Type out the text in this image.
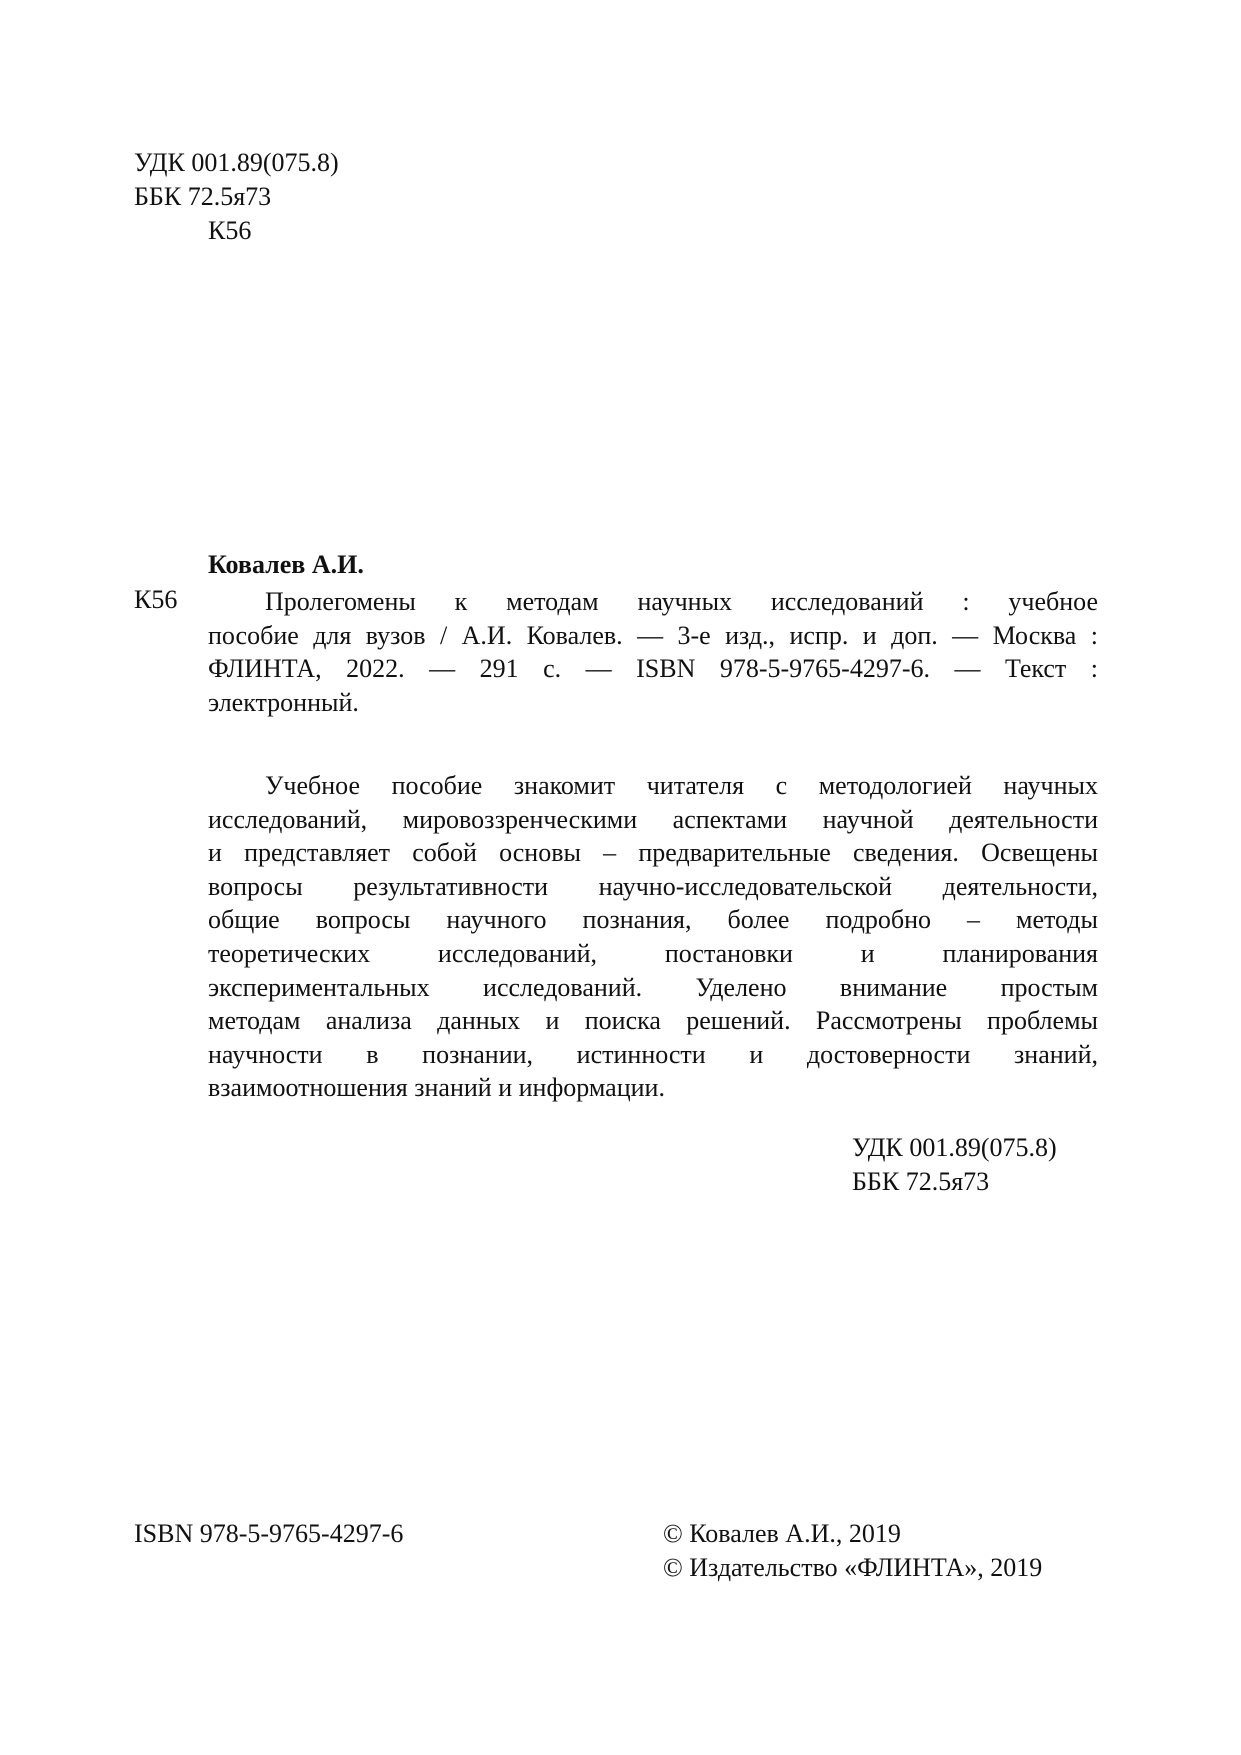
УДК 001.89(075.8)
ББК 72.5я73
К56
Ковалев А.И.
К56	Пролегомены к методам научных исследований : учебное
пособие для вузов / А.И. Ковалев. — 3-е изд., испр. и доп. — Москва :
ФЛИНТА, 2022. — 291 с. — ISBN 978-5-9765-4297-6. — Текст :
электронный.
Учебное пособие знакомит читателя с методологией научных
исследований, мировоззренческими аспектами научной деятельности
и представляет собой основы – предварительные сведения. Освещены
вопросы результативности научно-исследовательской деятельности,
общие вопросы научного познания, более подробно – методы
теоретических исследований, постановки и планирования
экспериментальных исследований. Уделено внимание простым
методам анализа данных и поиска решений. Рассмотрены проблемы
научности в познании, истинности и достоверности знаний,
взаимоотношения знаний и информации.
УДК 001.89(075.8)
ББК 72.5я73
ISBN 978-5-9765-4297-6	© Ковалев А.И., 2019
© Издательство «ФЛИНТА», 2019
